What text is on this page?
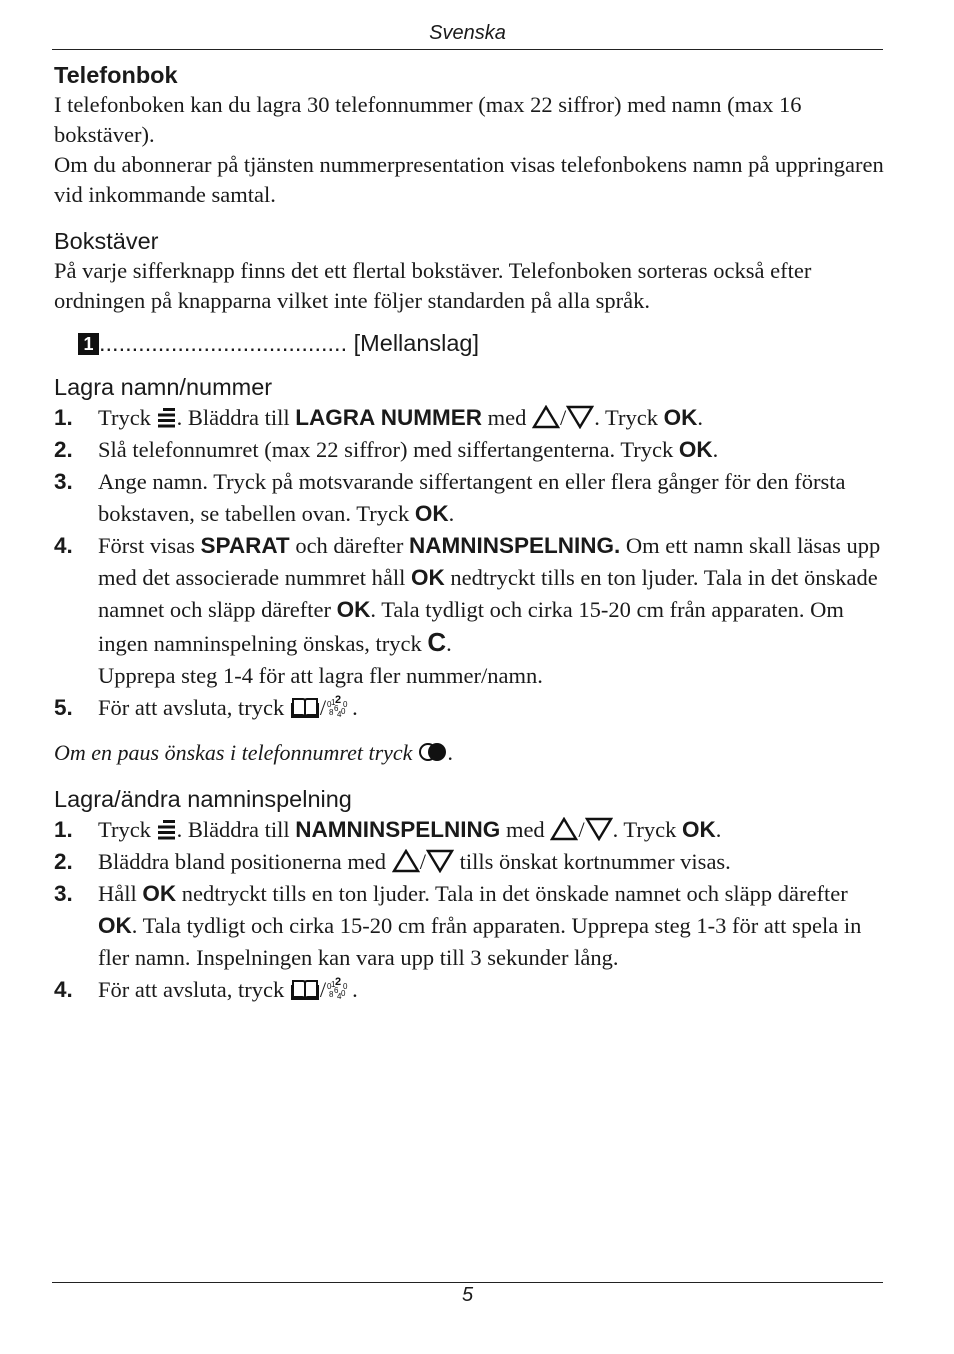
Svenska
Telefonbok

I telefonboken kan du lagra 30 telefonnummer (max 22 siffror) med namn (max 16 bokstäver).

Om du abonnerar på tjänsten nummerpresentation visas telefonbokens namn på uppringaren vid inkommande samtal.

Bokstäver

På varje sifferknapp finns det ett flertal bokstäver. Telefonboken sorteras också efter ordningen på knapparna vilket inte följer standarden på alla språk.

1 ...................................... [Mellanslag]
Lagra namn/nummer
1. Tryck . Bläddra till LAGRA NUMMER med / . Tryck OK.
2. Slå telefonnumret (max 22 siffror) med siffertangenterna. Tryck OK.
3. Ange namn. Tryck på motsvarande siffertangent en eller flera gånger för den första bokstaven, se tabellen ovan. Tryck OK.
4. Först visas SPARAT och därefter NAMNINSPELNING. Om ett namn skall läsas upp med det associerade nummret håll OK nedtryckt tills en ton ljuder. Tala in det önskade namnet och släpp därefter OK. Tala tydligt och cirka 15-20 cm från apparaten. Om ingen namninspelning önskas, tryck C.
Upprepa steg 1-4 för att lagra fler nummer/namn.
5. För att avsluta, tryck / 2
0 1 0
8 4
6 0 .
Om en paus önskas i telefonnumret tryck .
Lagra/ändra namninspelning
1. Tryck . Bläddra till NAMNINSPELNING med / . Tryck OK.
2. Bläddra bland positionerna med / tills önskat kortnummer visas.
3. Håll OK nedtryckt tills en ton ljuder. Tala in det önskade namnet och släpp därefter OK. Tala tydligt och cirka 15-20 cm från apparaten. Upprepa steg 1-3 för att spela in fler namn. Inspelningen kan vara upp till 3 sekunder lång.
4. För att avsluta, tryck / 2
0 1 0
8 4
6 0 .
5
